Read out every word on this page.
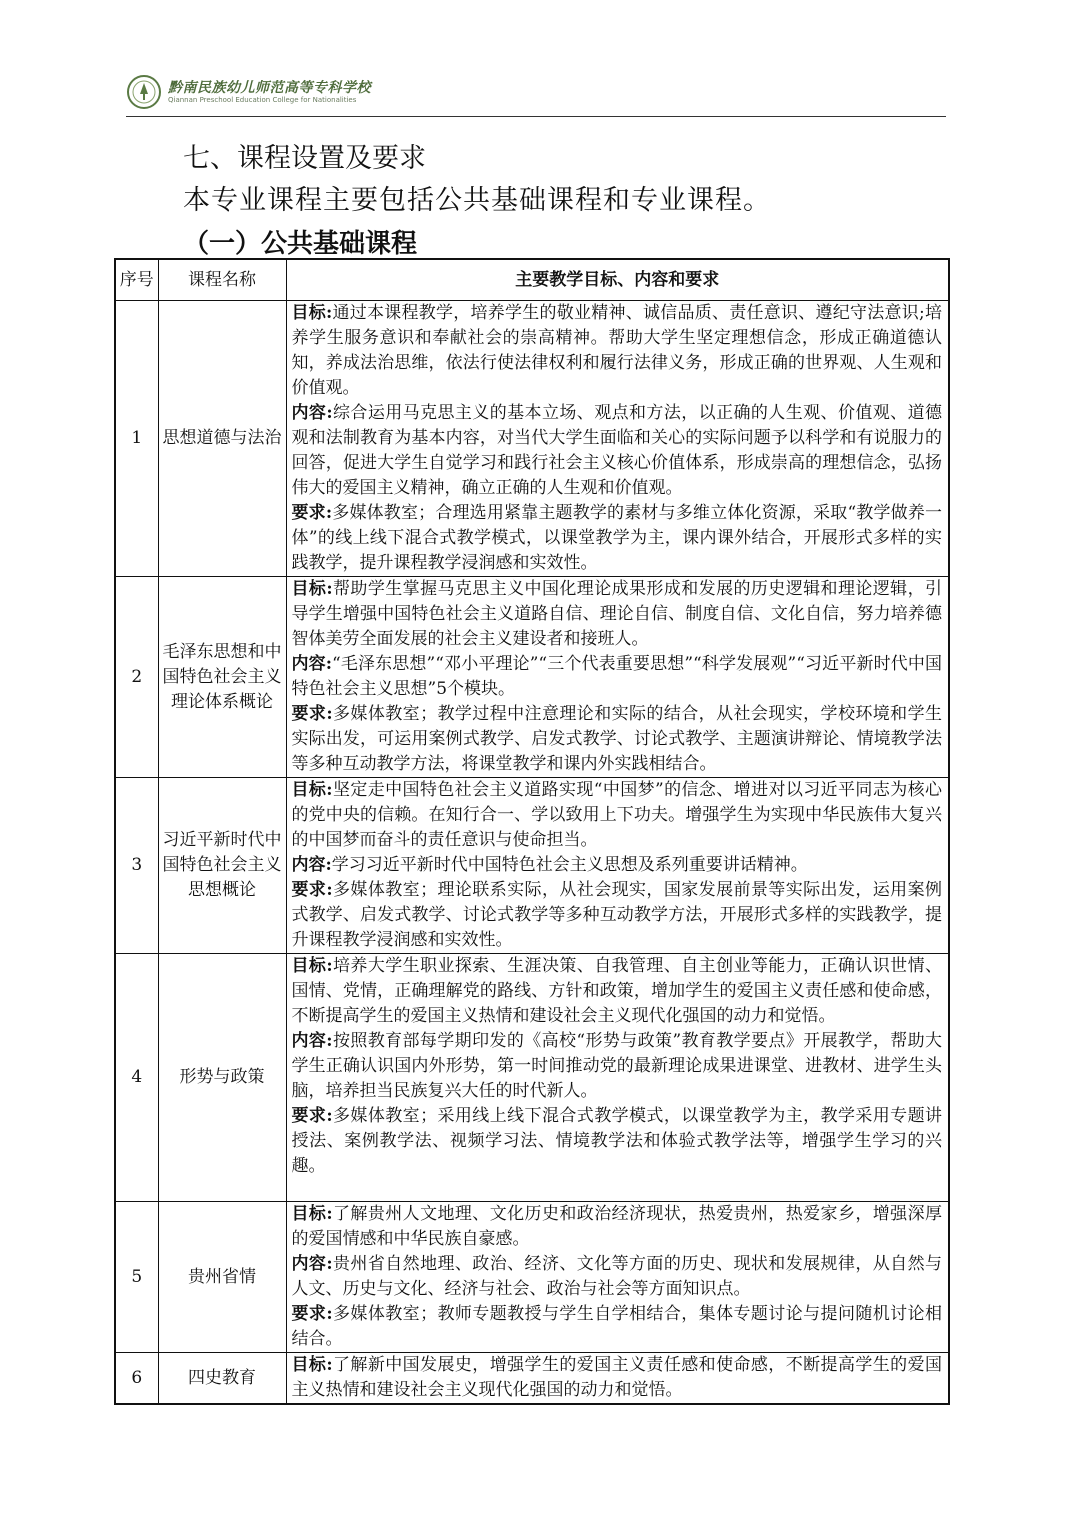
黔南民族幼儿师范高等专科学校
Qiannan Preschool Education College for Nationalities
七、课程设置及要求
本专业课程主要包括公共基础课程和专业课程。
（一）公共基础课程
序号	课程名称	主要教学目标、内容和要求
1	思想道德与法治	目标:通过本课程教学，培养学生的敬业精神、诚信品质、责任意识、遵纪守法意识;培养学生服务意识和奉献社会的崇高精神。帮助大学生坚定理想信念，形成正确道德认知，养成法治思维，依法行使法律权利和履行法律义务，形成正确的世界观、人生观和价值观。
内容:综合运用马克思主义的基本立场、观点和方法，以正确的人生观、价值观、道德观和法制教育为基本内容，对当代大学生面临和关心的实际问题予以科学和有说服力的回答，促进大学生自觉学习和践行社会主义核心价值体系，形成崇高的理想信念，弘扬伟大的爱国主义精神，确立正确的人生观和价值观。
要求:多媒体教室；合理选用紧靠主题教学的素材与多维立体化资源，采取“教学做养一体”的线上线下混合式教学模式，以课堂教学为主，课内课外结合，开展形式多样的实践教学，提升课程教学浸润感和实效性。

2	毛泽东思想和中国特色社会主义理论体系概论	目标:帮助学生掌握马克思主义中国化理论成果形成和发展的历史逻辑和理论逻辑，引导学生增强中国特色社会主义道路自信、理论自信、制度自信、文化自信，努力培养德智体美劳全面发展的社会主义建设者和接班人。
内容:“毛泽东思想”“邓小平理论”“三个代表重要思想”“科学发展观”“习近平新时代中国特色社会主义思想”5个模块。
要求:多媒体教室；教学过程中注意理论和实际的结合，从社会现实，学校环境和学生实际出发，可运用案例式教学、启发式教学、讨论式教学、主题演讲辩论、情境教学法等多种互动教学方法，将课堂教学和课内外实践相结合。

3	习近平新时代中国特色社会主义思想概论	目标:坚定走中国特色社会主义道路实现“中国梦”的信念、增进对以习近平同志为核心的党中央的信赖。在知行合一、学以致用上下功夫。增强学生为实现中华民族伟大复兴的中国梦而奋斗的责任意识与使命担当。
内容:学习习近平新时代中国特色社会主义思想及系列重要讲话精神。
要求:多媒体教室；理论联系实际，从社会现实，国家发展前景等实际出发，运用案例式教学、启发式教学、讨论式教学等多种互动教学方法，开展形式多样的实践教学，提升课程教学浸润感和实效性。

4	形势与政策	目标:培养大学生职业探索、生涯决策、自我管理、自主创业等能力，正确认识世情、国情、党情，正确理解党的路线、方针和政策，增加学生的爱国主义责任感和使命感，不断提高学生的爱国主义热情和建设社会主义现代化强国的动力和觉悟。
内容:按照教育部每学期印发的《高校“形势与政策”教育教学要点》开展教学，帮助大学生正确认识国内外形势，第一时间推动党的最新理论成果进课堂、进教材、进学生头脑，培养担当民族复兴大任的时代新人。
要求:多媒体教室；采用线上线下混合式教学模式，以课堂教学为主，教学采用专题讲授法、案例教学法、视频学习法、情境教学法和体验式教学法等，增强学生学习的兴趣。

5	贵州省情	目标:了解贵州人文地理、文化历史和政治经济现状，热爱贵州，热爱家乡，增强深厚的爱国情感和中华民族自豪感。
内容:贵州省自然地理、政治、经济、文化等方面的历史、现状和发展规律，从自然与人文、历史与文化、经济与社会、政治与社会等方面知识点。
要求:多媒体教室；教师专题教授与学生自学相结合，集体专题讨论与提问随机讨论相结合。

6	四史教育	目标:了解新中国发展史，增强学生的爱国主义责任感和使命感，不断提高学生的爱国主义热情和建设社会主义现代化强国的动力和觉悟。
